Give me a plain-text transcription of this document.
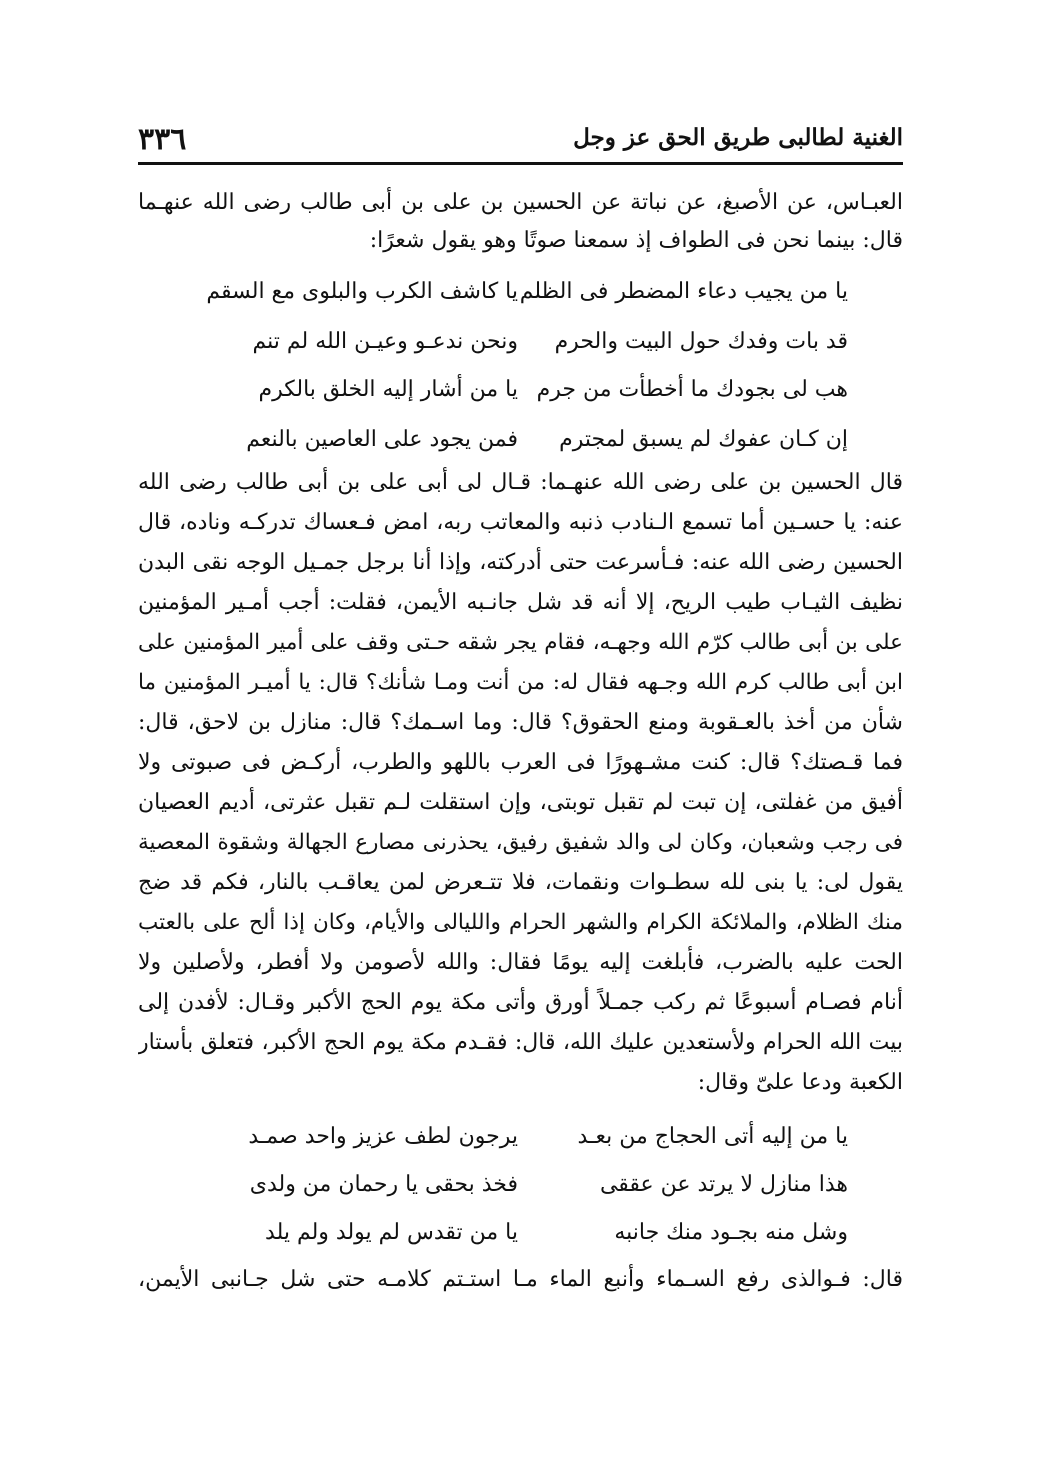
٣٣٦	الغنية لطالبى طريق الحق عز وجل
العبـاس، عن الأصبغ، عن نباتة عن الحسين بن على بن أبى طالب رضى الله عنهـما
قال: بينما نحن فى الطواف إذ سمعنا صوتًا وهو يقول شعرًا:
يا من يجيب دعاء المضطر فى الظلم
يا كاشف الكرب والبلوى مع السقم
قد بات وفدك حول البيت والحرم
ونحن ندعـو وعيـن الله لم تنم
هب لى بجودك ما أخطأت من جرم
يا من أشار إليه الخلق بالكرم
إن كـان عفوك لم يسبق لمجترم
فمن يجود على العاصين بالنعم
قال الحسين بن على رضى الله عنهـما: قـال لى أبى على بن أبى طالب رضى الله
عنه: يا حسـين أما تسمع الـنادب ذنبه والمعاتب ربه، امض فـعساك تدركـه وناده، قال
الحسين رضى الله عنه: فـأسرعت حتى أدركته، وإذا أنا برجل جمـيل الوجه نقى البدن
نظيف الثيـاب طيب الريح، إلا أنه قد شل جانـبه الأيمن، فقلت: أجب أمـير المؤمنين
على بن أبى طالب كرّم الله وجهـه، فقام يجر شقه حـتى وقف على أمير المؤمنين على
ابن أبى طالب كرم الله وجـهه فقال له: من أنت ومـا شأنك؟ قال: يا أميـر المؤمنين ما
شأن من أخذ بالعـقوبة ومنع الحقوق؟ قال: وما اسـمك؟ قال: منازل بن لاحق، قال:
فما قـصتك؟ قال: كنت مشـهورًا فى العرب باللهو والطرب، أركـض فى صبوتى ولا
أفيق من غفلتى، إن تبت لم تقبل توبتى، وإن استقلت لـم تقبل عثرتى، أديم العصيان
فى رجب وشعبان، وكان لى والد شفيق رفيق، يحذرنى مصارع الجهالة وشقوة المعصية
يقول لى: يا بنى لله سطـوات ونقمات، فلا تتـعرض لمن يعاقـب بالنار، فكم قد ضج
منك الظلام، والملائكة الكرام والشهر الحرام والليالى والأيام، وكان إذا ألح على بالعتب
الحت عليه بالضرب، فأبلغت إليه يومًا فقال: والله لأصومن ولا أفطر، ولأصلين ولا
أنام فصـام أسبوعًا ثم ركب جمـلاً أورق وأتى مكة يوم الحج الأكبر وقـال: لأفدن إلى
بيت الله الحرام ولأستعدين عليك الله، قال: فقـدم مكة يوم الحج الأكبر، فتعلق بأستار
الكعبة ودعا علىّ وقال:
يا من إليه أتى الحجاج من بعـد
يرجون لطف عزيز واحد صمـد
هذا منازل لا يرتد عن عققى
فخذ بحقى يا رحمان من ولدى
وشل منه بجـود منك جانبه
يا من تقدس لم يولد ولم يلد
قال: فـوالذى رفع السـماء وأنبع الماء مـا استـتم كلامـه حتى شل جـانبى الأيمن،
